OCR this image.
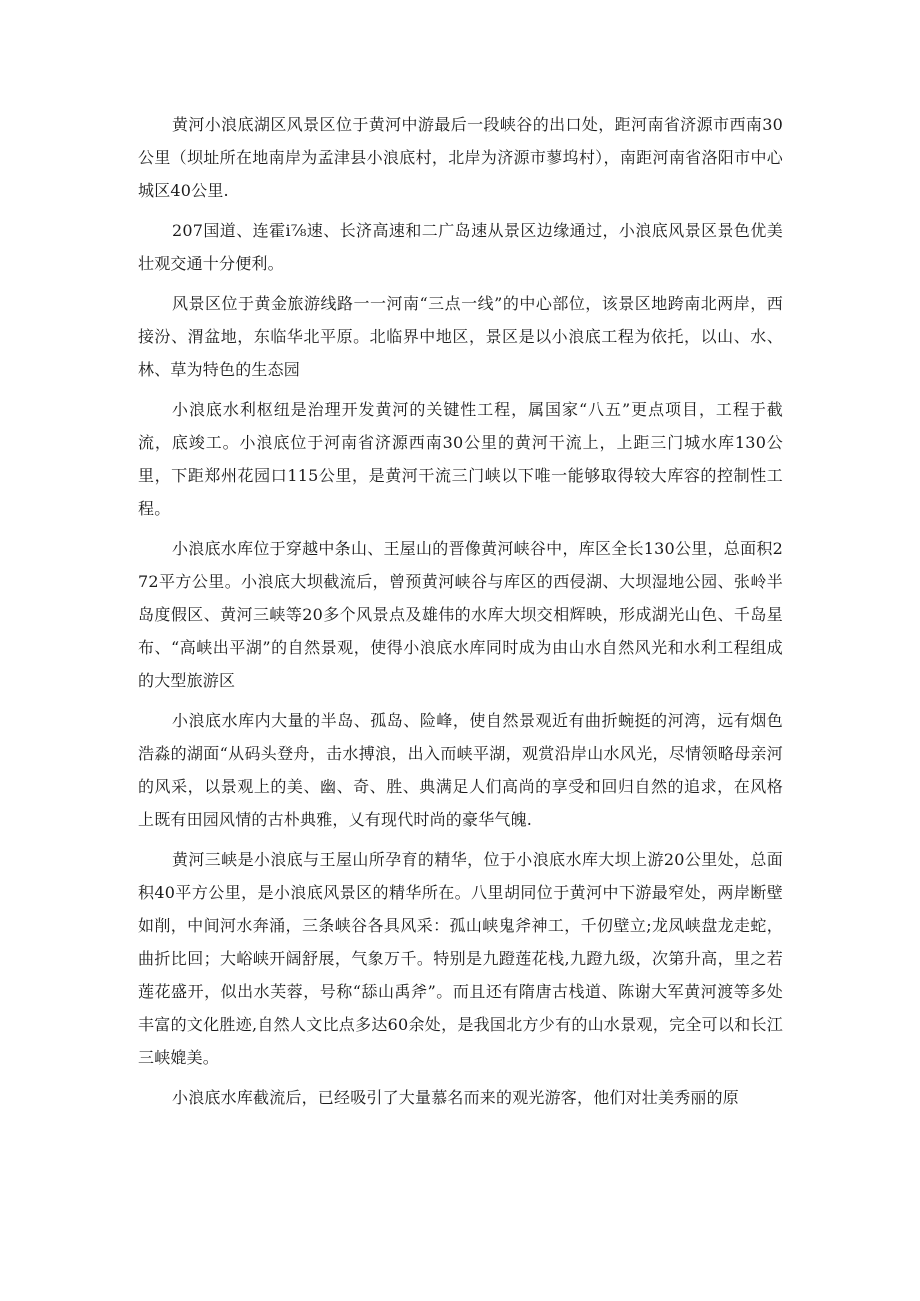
黄河小浪底湖区风景区位于黄河中游最后一段峡谷的出口处，距河南省济源市西南30公里（坝址所在地南岸为孟津县小浪底村，北岸为济源市蓼坞村），南距河南省洛阳市中心城区40公里.

207国道、连霍i⅞速、长济高速和二广岛速从景区边缘通过，小浪底风景区景色优美壮观交通十分便利。

风景区位于黄金旅游线路一一河南“三点一线”的中心部位，该景区地跨南北两岸，西接汾、渭盆地，东临华北平原。北临界中地区，景区是以小浪底工程为依托，以山、水、林、草为特色的生态园

小浪底水利枢纽是治理开发黄河的关键性工程，属国家“八五”更点项目，工程于截流，底竣工。小浪底位于河南省济源西南30公里的黄河干流上，上距三门城水库130公里，下距郑州花园口115公里，是黄河干流三门峡以下唯一能够取得较大库容的控制性工程。

小浪底水库位于穿越中条山、王屋山的晋像黄河峡谷中，库区全长130公里，总面积272平方公里。小浪底大坝截流后，曾预黄河峡谷与库区的西侵湖、大坝湿地公园、张岭半岛度假区、黄河三峡等20多个风景点及雄伟的水库大坝交相辉映，形成湖光山色、千岛星布、“高峡出平湖”的自然景观，使得小浪底水库同时成为由山水自然风光和水利工程组成的大型旅游区

小浪底水库内大量的半岛、孤岛、险峰，使自然景观近有曲折蜿挺的河湾，远有烟色浩淼的湖面“从码头登舟，击水搏浪，出入而峡平湖，观赏沿岸山水风光，尽情领略母亲河的风采，以景观上的美、幽、奇、胜、典满足人们高尚的享受和回归自然的追求，在风格上既有田园风情的古朴典雅，乂有现代时尚的豪华气魄.

黄河三峡是小浪底与王屋山所孕育的精华，位于小浪底水库大坝上游20公里处，总面积40平方公里，是小浪底风景区的精华所在。八里胡同位于黄河中下游最窄处，两岸断壁如削，中间河水奔涌，三条峡谷各具风采：孤山峡鬼斧神工，千仞壁立;龙凤峡盘龙走蛇，曲折比回；大峪峡开阔舒展，气象万千。特别是九蹬莲花栈,九蹬九级，次第升高，里之若莲花盛开，似出水芙蓉，号称“舔山禹斧”。而且还有隋唐古栈道、陈谢大军黄河渡等多处丰富的文化胜迹,自然人文比点多达60余处，是我国北方少有的山水景观，完全可以和长江三峡媲美。

小浪底水库截流后，已经吸引了大量慕名而来的观光游客，他们对壮美秀丽的原
